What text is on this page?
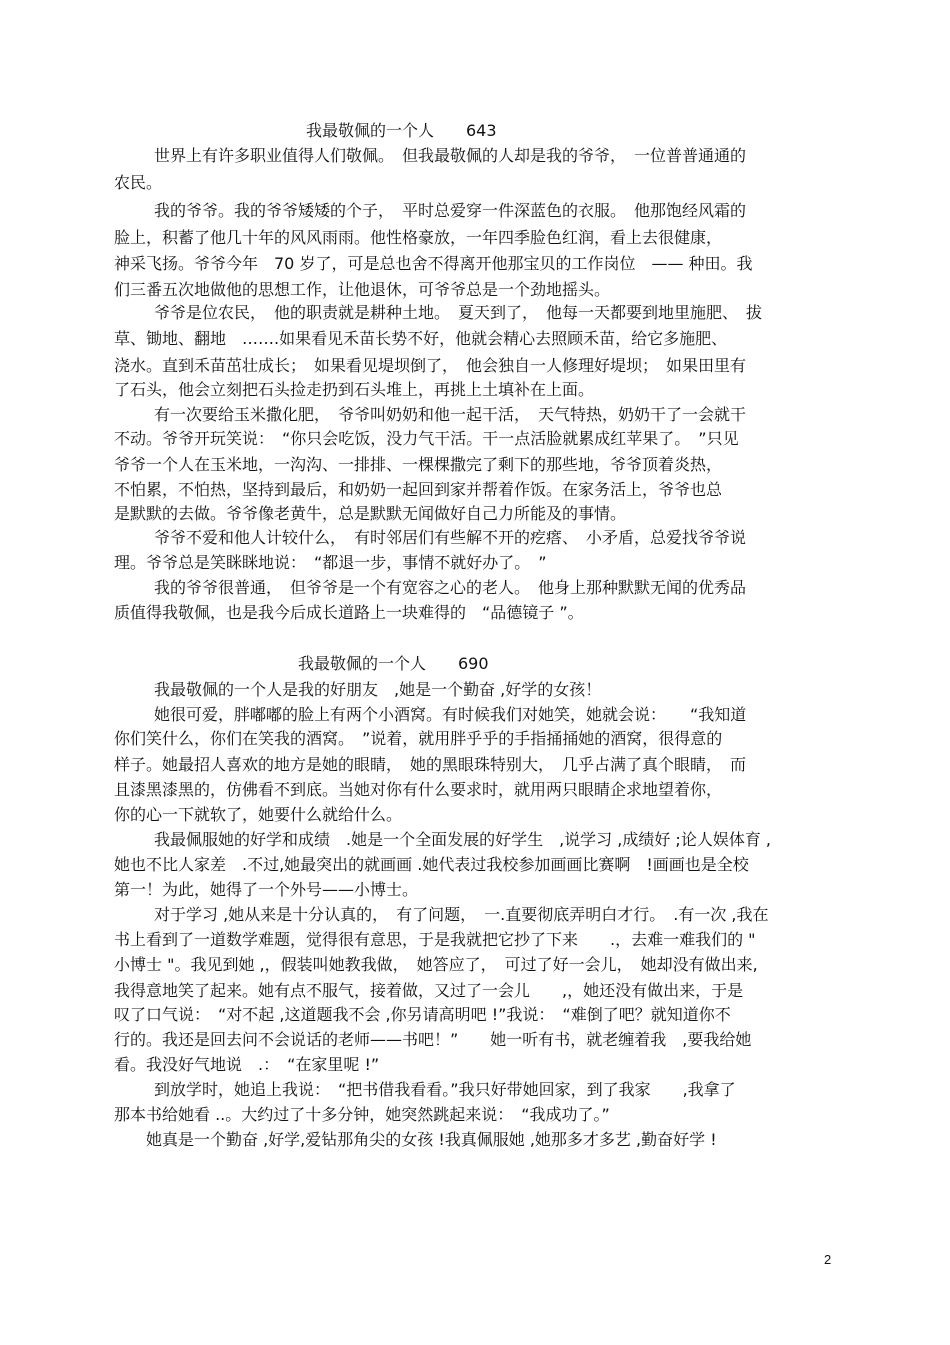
我最敬佩的一个人　　643
世界上有许多职业值得人们敬佩。　但我最敬佩的人却是我的爷爷，　一位普普通通的
农民。
我的爷爷。我的爷爷矮矮的个子，　平时总爱穿一件深蓝色的衣服。　他那饱经风霜的
脸上，积蓄了他几十年的风风雨雨。他性格豪放，一年四季脸色红润，看上去很健康，
神采飞扬。爷爷今年　70 岁了，可是总也舍不得离开他那宝贝的工作岗位　—— 种田。我
们三番五次地做他的思想工作，让他退休，可爷爷总是一个劲地摇头。
爷爷是位农民，　他的职责就是耕种土地。　夏天到了，　他每一天都要到地里施肥、　拔
草、锄地、翻地　…….如果看见禾苗长势不好，他就会精心去照顾禾苗，给它多施肥、
浇水。直到禾苗茁壮成长；　如果看见堤坝倒了，　他会独自一人修理好堤坝；　如果田里有
了石头，他会立刻把石头捡走扔到石头堆上，再挑上土填补在上面。
有一次要给玉米撒化肥，　爷爷叫奶奶和他一起干活，　天气特热，奶奶干了一会就干
不动。爷爷开玩笑说：　“你只会吃饭，没力气干活。干一点活脸就累成红苹果了。　”只见
爷爷一个人在玉米地，一沟沟、一排排、一棵棵撒完了剩下的那些地，爷爷顶着炎热，
不怕累，不怕热，坚持到最后，和奶奶一起回到家并帮着作饭。在家务活上，爷爷也总
是默默的去做。爷爷像老黄牛，总是默默无闻做好自己力所能及的事情。
爷爷不爱和他人计较什么，　有时邻居们有些解不开的疙瘩、　小矛盾，总爱找爷爷说
理。爷爷总是笑眯眯地说：　“都退一步，事情不就好办了。　”
我的爷爷很普通，　但爷爷是一个有宽容之心的老人。　他身上那种默默无闻的优秀品
质值得我敬佩，也是我今后成长道路上一块难得的　“品德镜子 ”。
我最敬佩的一个人　　690
我最敬佩的一个人是我的好朋友　,她是一个勤奋 ,好学的女孩！
她很可爱，胖嘟嘟的脸上有两个小酒窝。有时候我们对她笑，她就会说：　　“我知道
你们笑什么，你们在笑我的酒窝。　”说着，就用胖乎乎的手指捅捅她的酒窝，很得意的
样子。她最招人喜欢的地方是她的眼睛，　她的黑眼珠特别大，　几乎占满了真个眼睛，　而
且漆黑漆黑的，仿佛看不到底。当她对你有什么要求时，就用两只眼睛企求地望着你，
你的心一下就软了，她要什么就给什么。
我最佩服她的好学和成绩　.她是一个全面发展的好学生　,说学习 ,成绩好 ;论人娱体育 ,
她也不比人家差　.不过,她最突出的就画画 .她代表过我校参加画画比赛啊　!画画也是全校
第一！为此，她得了一个外号——小博士。
对于学习 ,她从来是十分认真的，　有了问题，　一.直要彻底弄明白才行。　.有一次 ,我在
书上看到了一道数学难题，觉得很有意思，于是我就把它抄了下来　　.，去难一难我们的 "
小博士 "。我见到她 ,，假装叫她教我做，　她答应了，　可过了好一会儿，　她却没有做出来,
我得意地笑了起来。她有点不服气，接着做，又过了一会儿　　,，她还没有做出来，于是
叹了口气说：　“对不起 ,这道题我不会 ,你另请高明吧 !”我说：　“难倒了吧？就知道你不
行的。我还是回去问不会说话的老师——书吧！”　　她一听有书，就老缠着我　,要我给她
看。我没好气地说　.：　“在家里呢 !”
到放学时，她追上我说：　“把书借我看看。”我只好带她回家，到了我家　　,我拿了
那本书给她看 ..。大约过了十多分钟，她突然跳起来说：　“我成功了。”
她真是一个勤奋 ,好学,爱钻那角尖的女孩 !我真佩服她 ,她那多才多艺 ,勤奋好学 !
2
